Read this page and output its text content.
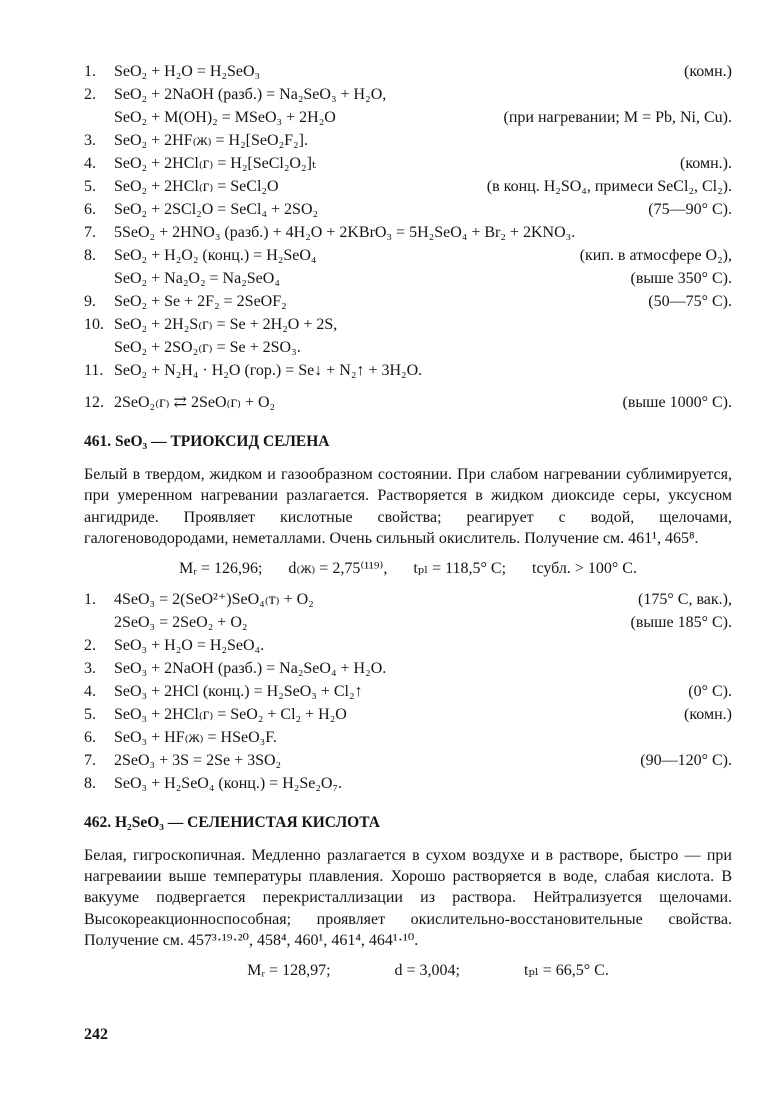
1.	SeO₂ + H₂O = H₂SeO₃	(комн.)
2.	SeO₂ + 2NaOH (разб.) = Na₂SeO₃ + H₂O,
SeO₂ + M(OH)₂ = MSeO₃ + 2H₂O	(при нагревании; M = Pb, Ni, Cu).
3.	SeO₂ + 2HF₍ж₎ = H₂[SeO₂F₂].
4.	SeO₂ + 2HCl₍г₎ = H₂[SeCl₂O₂]ₜ	(комн.).
5.	SeO₂ + 2HCl₍г₎ = SeCl₂O	(в конц. H₂SO₄, примеси SeCl₂, Cl₂).
6.	SeO₂ + 2SCl₂O = SeCl₄ + 2SO₂	(75—90° C).
7.	5SeO₂ + 2HNO₃ (разб.) + 4H₂O + 2KBrO₃ = 5H₂SeO₄ + Br₂ + 2KNO₃.
8.	SeO₂ + H₂O₂ (конц.) = H₂SeO₄	(кип. в атмосфере O₂),
SeO₂ + Na₂O₂ = Na₂SeO₄	(выше 350° C).
9.	SeO₂ + Se + 2F₂ = 2SeOF₂	(50—75° C).
10. SeO₂ + 2H₂S₍г₎ = Se + 2H₂O + 2S,
SeO₂ + 2SO₂₍г₎ = Se + 2SO₃.
11. SeO₂ + N₂H₄ · H₂O (гор.) = Se↓ + N₂↑ + 3H₂O.
12. 2SeO₂₍г₎ ⇄ 2SeO₍г₎ + O₂	(выше 1000° C).
461. SeO₃ — ТРИОКСИД СЕЛЕНА

Белый в твердом, жидком и газообразном состоянии. При слабом нагревании сублимируется, при умеренном нагревании разлагается. Растворяется в жидком диоксиде серы, уксусном ангидриде. Проявляет кислотные свойства; реагирует с водой, щелочами, галогеноводородами, неметаллами. Очень сильный окислитель. Получение см. 461¹, 465⁸.

Mᵣ = 126,96; d₍ж₎ = 2,75⁽¹¹⁹⁾, tₚₗ = 118,5° C; tсубл. > 100° C.
1.	4SeO₃ = 2(SeO²⁺)SeO₄₍т₎ + O₂	(175° C, вак.),
2SeO₃ = 2SeO₂ + O₂	(выше 185° C).
2.	SeO₃ + H₂O = H₂SeO₄.
3.	SeO₃ + 2NaOH (разб.) = Na₂SeO₄ + H₂O.
4.	SeO₃ + 2HCl (конц.) = H₂SeO₃ + Cl₂↑	(0° C).
5.	SeO₃ + 2HCl₍г₎ = SeO₂ + Cl₂ + H₂O	(комн.)
6.	SeO₃ + HF₍ж₎ = HSeO₃F.
7.	2SeO₃ + 3S = 2Se + 3SO₂	(90—120° C).
8.	SeO₃ + H₂SeO₄ (конц.) = H₂Se₂O₇.
462. H₂SeO₃ — СЕЛЕНИСТАЯ КИСЛОТА

Белая, гигроскопичная. Медленно разлагается в сухом воздухе и в растворе, быстро — при нагреваиии выше температуры плавления. Хорошо растворяется в воде, слабая кислота. В вакууме подвергается перекристаллизации из раствора. Нейтрализуется щелочами. Высокореакционноспособная; проявляет окислительно-восстановительные свойства. Получение см. 457³·¹⁹·²⁰, 458⁴, 460¹, 461⁴, 464¹·¹⁰.

Mᵣ = 128,97;	d = 3,004;	tₚₗ = 66,5° C.
242
